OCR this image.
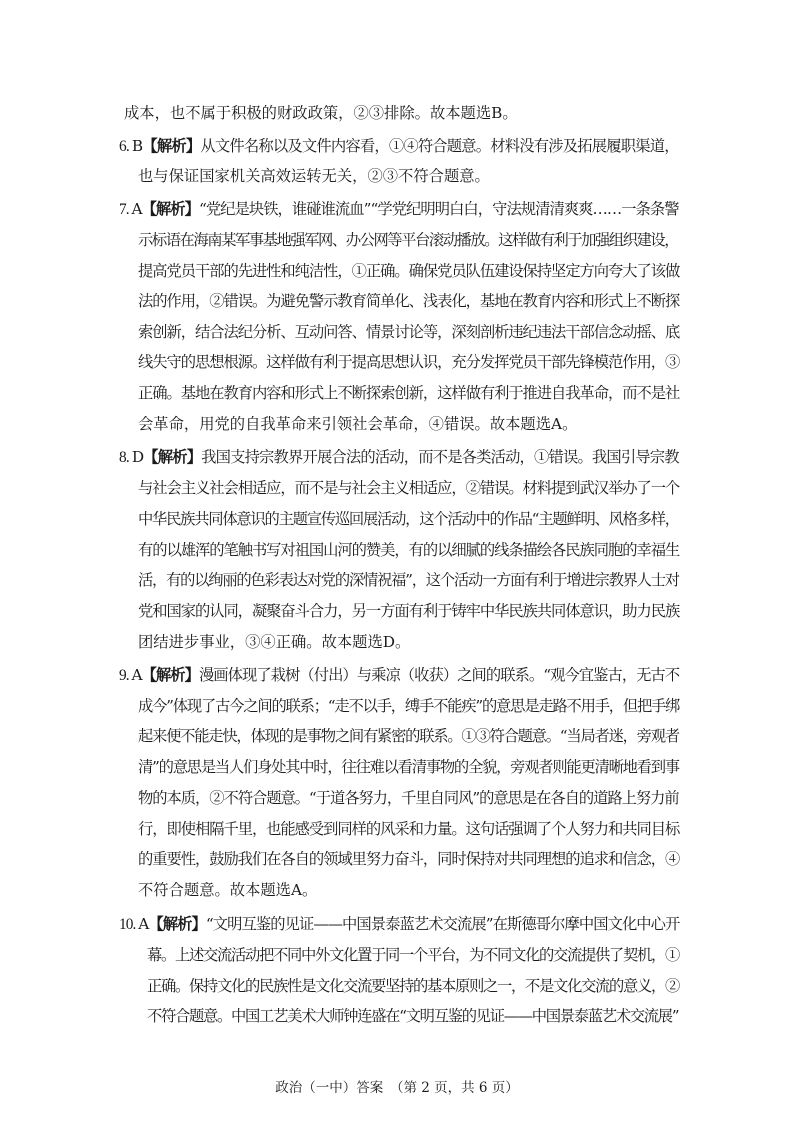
成本，也不属于积极的财政政策，②③排除。故本题选B。
6. B【解析】从文件名称以及文件内容看，①④符合题意。材料没有涉及拓展履职渠道，
也与保证国家机关高效运转无关，②③不符合题意。
7. A【解析】“党纪是块铁，谁碰谁流血”“学党纪明明白白，守法规清清爽爽……一条条警
示标语在海南某军事基地强军网、办公网等平台滚动播放。这样做有利于加强组织建设，
提高党员干部的先进性和纯洁性，①正确。确保党员队伍建设保持坚定方向夸大了该做
法的作用，②错误。为避免警示教育简单化、浅表化，基地在教育内容和形式上不断探
索创新，结合法纪分析、互动问答、情景讨论等，深刻剖析违纪违法干部信念动摇、底
线失守的思想根源。这样做有利于提高思想认识，充分发挥党员干部先锋模范作用，③
正确。基地在教育内容和形式上不断探索创新，这样做有利于推进自我革命，而不是社
会革命，用党的自我革命来引领社会革命，④错误。故本题选A。
8. D【解析】我国支持宗教界开展合法的活动，而不是各类活动，①错误。我国引导宗教
与社会主义社会相适应，而不是与社会主义相适应，②错误。材料提到武汉举办了一个
中华民族共同体意识的主题宣传巡回展活动，这个活动中的作品“主题鲜明、风格多样，
有的以雄浑的笔触书写对祖国山河的赞美，有的以细腻的线条描绘各民族同胞的幸福生
活，有的以绚丽的色彩表达对党的深情祝福”，这个活动一方面有利于增进宗教界人士对
党和国家的认同，凝聚奋斗合力，另一方面有利于铸牢中华民族共同体意识，助力民族
团结进步事业，③④正确。故本题选D。
9. A【解析】漫画体现了栽树（付出）与乘凉（收获）之间的联系。“观今宜鉴古，无古不
成今”体现了古今之间的联系；“走不以手，缚手不能疾”的意思是走路不用手，但把手绑
起来便不能走快，体现的是事物之间有紧密的联系。①③符合题意。“当局者迷，旁观者
清”的意思是当人们身处其中时，往往难以看清事物的全貌，旁观者则能更清晰地看到事
物的本质，②不符合题意。“于道各努力，千里自同风”的意思是在各自的道路上努力前
行，即使相隔千里，也能感受到同样的风采和力量。这句话强调了个人努力和共同目标
的重要性，鼓励我们在各自的领域里努力奋斗，同时保持对共同理想的追求和信念，④
不符合题意。故本题选A。
10. A【解析】“文明互鉴的见证——中国景泰蓝艺术交流展”在斯德哥尔摩中国文化中心开
幕。上述交流活动把不同中外文化置于同一个平台，为不同文化的交流提供了契机，①
正确。保持文化的民族性是文化交流要坚持的基本原则之一，不是文化交流的意义，②
不符合题意。中国工艺美术大师钟连盛在“文明互鉴的见证——中国景泰蓝艺术交流展”
政治（一中）答案　（第 2 页，共 6 页）
